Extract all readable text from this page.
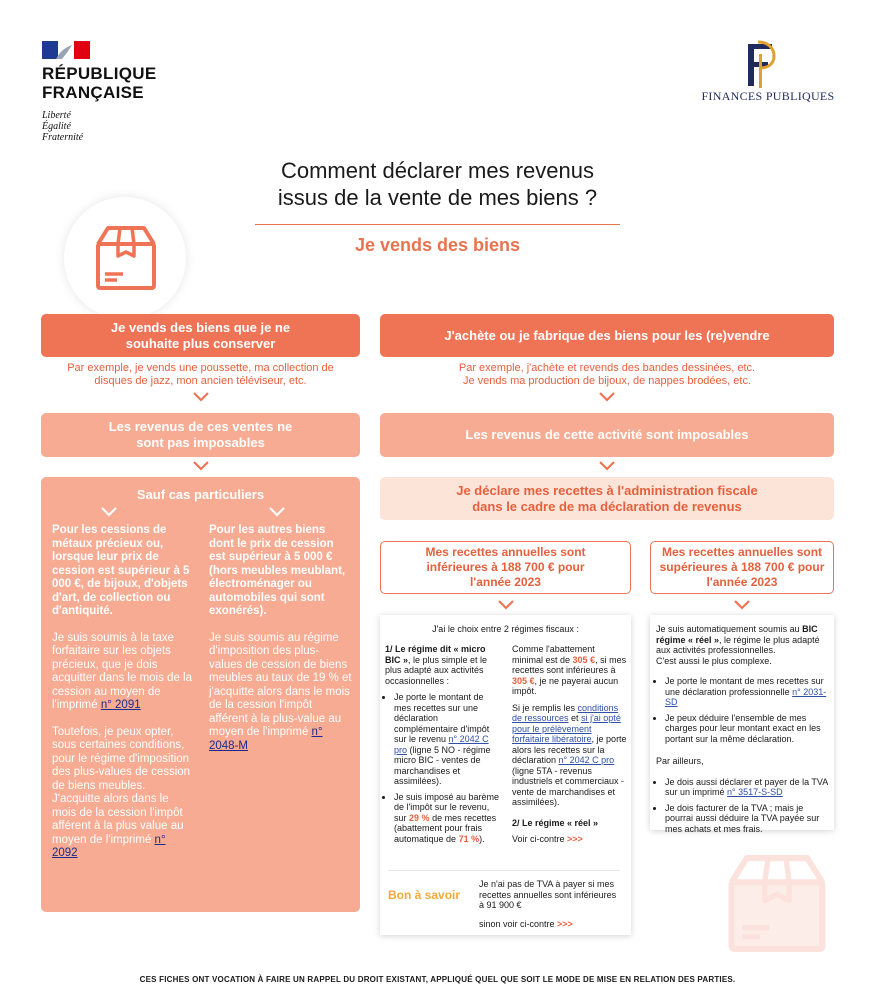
RÉPUBLIQUE
FRANÇAISE
Liberté
Égalité
Fraternité
FINANCES PUBLIQUES
Comment déclarer mes revenus
issus de la vente de mes biens ?
Je vends des biens
Je vends des biens que je ne souhaite plus conserver
Par exemple, je vends une poussette, ma collection de disques de jazz, mon ancien téléviseur, etc.
Les revenus de ces ventes ne sont pas imposables
Sauf cas particuliers

Pour les cessions de métaux précieux ou, lorsque leur prix de cession est supérieur à 5 000 €, de bijoux, d'objets d'art, de collection ou d'antiquité.

Je suis soumis à la taxe forfaitaire sur les objets précieux, que je dois acquitter dans le mois de la cession au moyen de l'imprimé n° 2091

Toutefois, je peux opter, sous certaines conditions, pour le régime d'imposition des plus-values de cession de biens meubles. J'acquitte alors dans le mois de la cession l'impôt afférent à la plus value au moyen de l'imprimé n° 2092

Pour les autres biens dont le prix de cession est supérieur à 5 000 € (hors meubles meublant, électroménager ou automobiles qui sont exonérés).

Je suis soumis au régime d'imposition des plus-values de cession de biens meubles au taux de 19 % et j'acquitte alors dans le mois de la cession l'impôt afférent à la plus-value au moyen de l'imprimé n° 2048-M

J'achète ou je fabrique des biens pour les (re)vendre
Par exemple, j'achète et revends des bandes dessinées, etc.
Je vends ma production de bijoux, de nappes brodées, etc.
Les revenus de cette activité sont imposables
Je déclare mes recettes à l'administration fiscale
dans le cadre de ma déclaration de revenus
Mes recettes annuelles sont inférieures à 188 700 € pour l'année 2023
Mes recettes annuelles sont supérieures à 188 700 € pour l'année 2023
J'ai le choix entre 2 régimes fiscaux :

1/ Le régime dit « micro BIC », le plus simple et le plus adapté aux activités occasionnelles :

• Je porte le montant de mes recettes sur une déclaration complémentaire d'impôt sur le revenu n° 2042 C pro (ligne 5 NO - régime micro BIC - ventes de marchandises et assimilées).
• Je suis imposé au barème de l'impôt sur le revenu, sur 29 % de mes recettes (abattement pour frais automatique de 71 %).

Comme l'abattement minimal est de 305 €, si mes recettes sont inférieures à 305 €, je ne payerai aucun impôt.

Si je remplis les conditions de ressources et si j'ai opté pour le prélèvement forfaitaire libératoire, je porte alors les recettes sur la déclaration n° 2042 C pro (ligne 5TA - revenus industriels et commerciaux - vente de marchandises et assimilées).

2/ Le régime « réel »

Voir ci-contre >>>

Bon à savoir

Je n'ai pas de TVA à payer si mes recettes annuelles sont inférieures à 91 900 €

sinon voir ci-contre >>>

Je suis automatiquement soumis au BIC régime « réel », le régime le plus adapté aux activités professionnelles.
C'est aussi le plus complexe.

• Je porte le montant de mes recettes sur une déclaration professionnelle n° 2031-SD
• Je peux déduire l'ensemble de mes charges pour leur montant exact en les portant sur la même déclaration.

Par ailleurs,

• Je dois aussi déclarer et payer de la TVA sur un imprimé n° 3517-S-SD
• Je dois facturer de la TVA ; mais je pourrai aussi déduire la TVA payée sur mes achats et mes frais.
CES FICHES ONT VOCATION À FAIRE UN RAPPEL DU DROIT EXISTANT, APPLIQUÉ QUEL QUE SOIT LE MODE DE MISE EN RELATION DES PARTIES.
